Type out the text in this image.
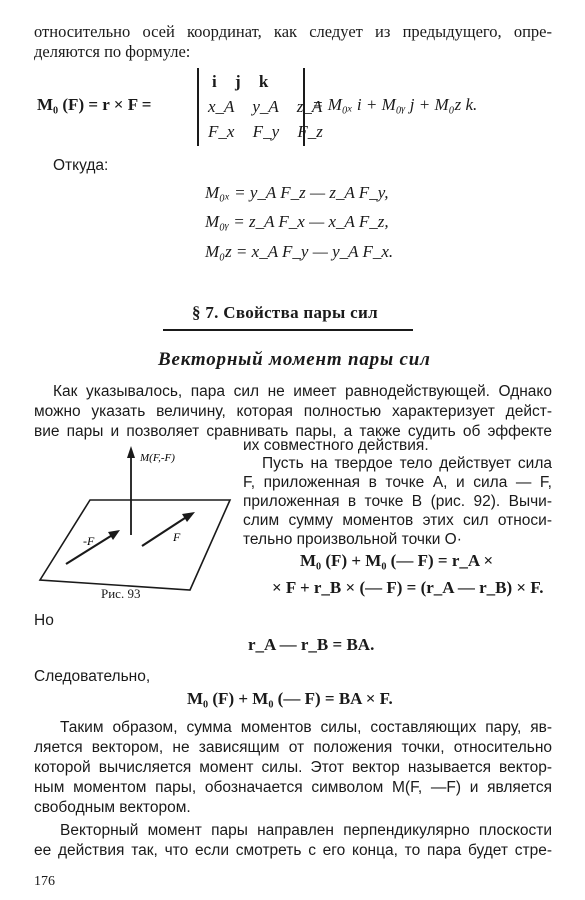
относительно осей координат, как следует из предыдущего, опре-
деляются по формуле:
M₀ (F) = r × F =
i j k
x_A y_A z_A
F_x F_y F_z
= M₀ₓ i + M₀ᵧ j + M₀z k.
Откуда:
M₀ₓ = y_A F_z — z_A F_y,
M₀ᵧ = z_A F_x — x_A F_z,
M₀z = x_A F_y — y_A F_x.
§ 7. Свойства пары сил
Векторный момент пары сил
Как указывалось, пара сил не имеет равнодействующей. Однако
можно указать величину, которая полностью характеризует дейст-
вие пары и позволяет сравнивать пары, а также судить об эффекте
их совместного действия.
M(F,-F)
-F	F
Рис. 93
Пусть на твердое тело действует сила
F, приложенная в точке A, и сила — F,
приложенная в точке B (рис. 92). Вычи-
слим сумму моментов этих сил относи-
тельно произвольной точки O·
M₀ (F) + M₀ (— F) = r_A ×
× F + r_B × (— F) = (r_A — r_B) × F.
Но
r_A — r_B = BA.
Следовательно,
M₀ (F) + M₀ (— F) = BA × F.
Таким образом, сумма моментов силы, составляющих пару, яв-
ляется вектором, не зависящим от положения точки, относительно
которой вычисляется момент силы. Этот вектор называется вектор-
ным моментом пары, обозначается символом M(F, —F) и является
свободным вектором.
Векторный момент пары направлен перпендикулярно плоскости
ее действия так, что если смотреть с его конца, то пара будет стре-
176
